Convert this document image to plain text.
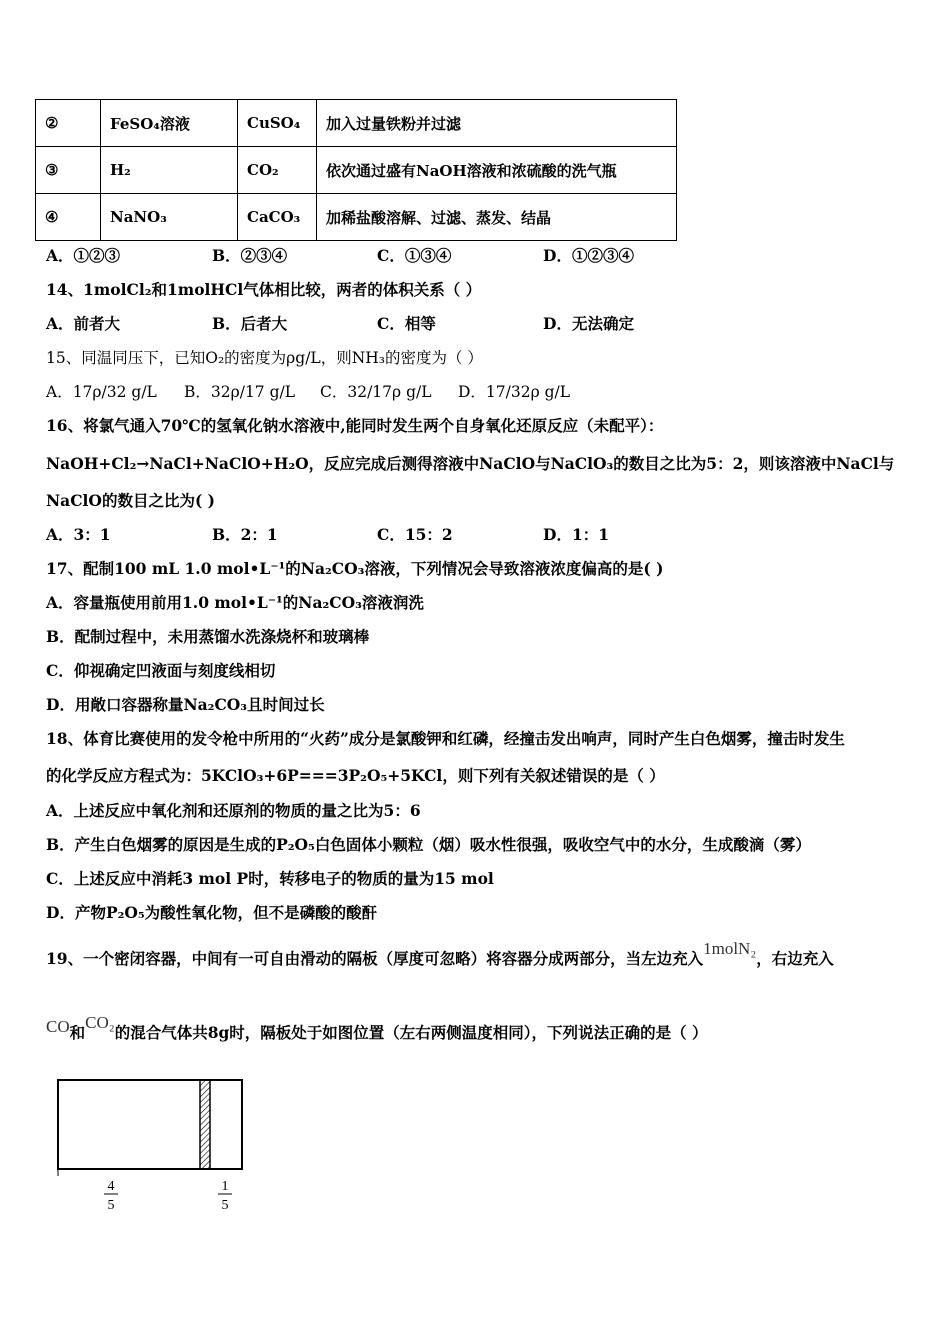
②	FeSO₄溶液	CuSO₄	加入过量铁粉并过滤
③	H₂	CO₂	依次通过盛有NaOH溶液和浓硫酸的洗气瓶
④	NaNO₃	CaCO₃	加稀盐酸溶解、过滤、蒸发、结晶
A．①②③	B．②③④	C．①③④	D．①②③④
14、1molCl₂和1molHCl气体相比较，两者的体积关系（ ）
A．前者大	B．后者大	C．相等	D．无法确定
15、同温同压下，已知O₂的密度为ρg/L，则NH₃的密度为（ ）
A．17ρ/32 g/L B．32ρ/17 g/L C．32/17ρ g/L D．17/32ρ g/L
16、将氯气通入70℃的氢氧化钠水溶液中,能同时发生两个自身氧化还原反应（未配平）：
NaOH+Cl₂→NaCl+NaClO+H₂O，反应完成后测得溶液中NaClO与NaClO₃的数目之比为5：2，则该溶液中NaCl与
NaClO的数目之比为( )
A．3：1	B．2：1	C．15：2	D．1：1
17、配制100 mL 1.0 mol•L⁻¹的Na₂CO₃溶液，下列情况会导致溶液浓度偏高的是( )
A．容量瓶使用前用1.0 mol•L⁻¹的Na₂CO₃溶液润洗
B．配制过程中，未用蒸馏水洗涤烧杯和玻璃棒
C．仰视确定凹液面与刻度线相切
D．用敞口容器称量Na₂CO₃且时间过长
18、体育比赛使用的发令枪中所用的“火药”成分是氯酸钾和红磷，经撞击发出响声，同时产生白色烟雾，撞击时发生
的化学反应方程式为：5KClO₃+6P===3P₂O₅+5KCl，则下列有关叙述错误的是（ ）
A．上述反应中氧化剂和还原剂的物质的量之比为5：6
B．产生白色烟雾的原因是生成的P₂O₅白色固体小颗粒（烟）吸水性很强，吸收空气中的水分，生成酸滴（雾）
C．上述反应中消耗3 mol P时，转移电子的物质的量为15 mol
D．产物P₂O₅为酸性氧化物，但不是磷酸的酸酐
19、一个密闭容器，中间有一可自由滑动的隔板（厚度可忽略）将容器分成两部分，当左边充入1molN₂，右边充入
CO和CO₂的混合气体共8g时，隔板处于如图位置（左右两侧温度相同），下列说法正确的是（ ）
4
5
1
5
